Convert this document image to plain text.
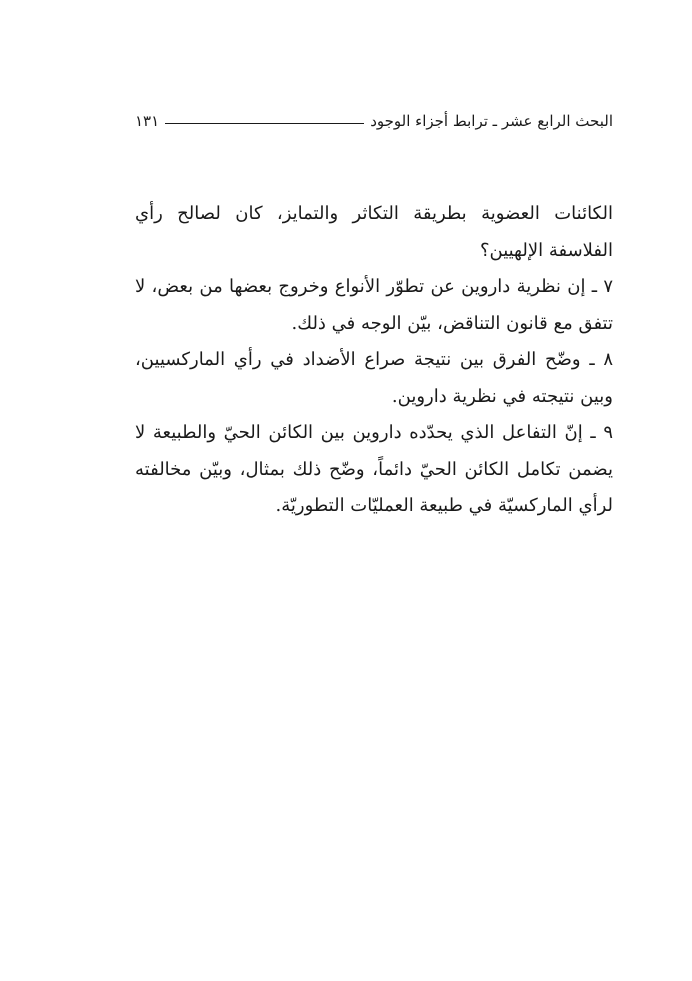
البحث الرابع عشر ـ ترابط أجزاء الوجود
١٣١

الكائنات العضوية بطريقة التكاثر والتمايز، كان لصالح رأي الفلاسفة الإلهيين؟

٧ ـ إن نظرية داروين عن تطوّر الأنواع وخروج بعضها من بعض، لا تتفق مع قانون التناقض، بيّن الوجه في ذلك.

٨ ـ وضّح الفرق بين نتيجة صراع الأضداد في رأي الماركسيين، وبين نتيجته في نظرية داروين.

٩ ـ إنّ التفاعل الذي يحدّده داروين بين الكائن الحيّ والطبيعة لا يضمن تكامل الكائن الحيّ دائماً، وضّح ذلك بمثال، وبيّن مخالفته لرأي الماركسيّة في طبيعة العمليّات التطوريّة.
